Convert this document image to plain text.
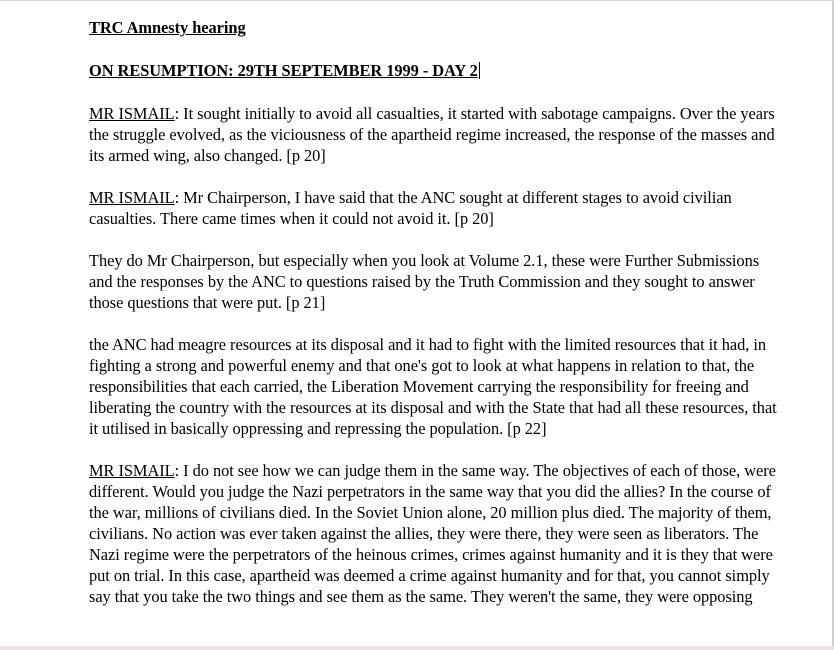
TRC Amnesty hearing
ON RESUMPTION: 29TH SEPTEMBER 1999 - DAY 2

MR ISMAIL: It sought initially to avoid all casualties, it started with sabotage campaigns. Over the years the struggle evolved, as the viciousness of the apartheid regime increased, the response of the masses and its armed wing, also changed. [p 20]

MR ISMAIL: Mr Chairperson, I have said that the ANC sought at different stages to avoid civilian casualties. There came times when it could not avoid it. [p 20]

They do Mr Chairperson, but especially when you look at Volume 2.1, these were Further Submissions and the responses by the ANC to questions raised by the Truth Commission and they sought to answer those questions that were put. [p 21]

the ANC had meagre resources at its disposal and it had to fight with the limited resources that it had, in fighting a strong and powerful enemy and that one's got to look at what happens in relation to that, the responsibilities that each carried, the Liberation Movement carrying the responsibility for freeing and liberating the country with the resources at its disposal and with the State that had all these resources, that it utilised in basically oppressing and repressing the population. [p 22]

MR ISMAIL: I do not see how we can judge them in the same way. The objectives of each of those, were different. Would you judge the Nazi perpetrators in the same way that you did the allies? In the course of the war, millions of civilians died. In the Soviet Union alone, 20 million plus died. The majority of them, civilians. No action was ever taken against the allies, they were there, they were seen as liberators. The Nazi regime were the perpetrators of the heinous crimes, crimes against humanity and it is they that were put on trial. In this case, apartheid was deemed a crime against humanity and for that, you cannot simply say that you take the two things and see them as the same. They weren't the same, they were opposing
